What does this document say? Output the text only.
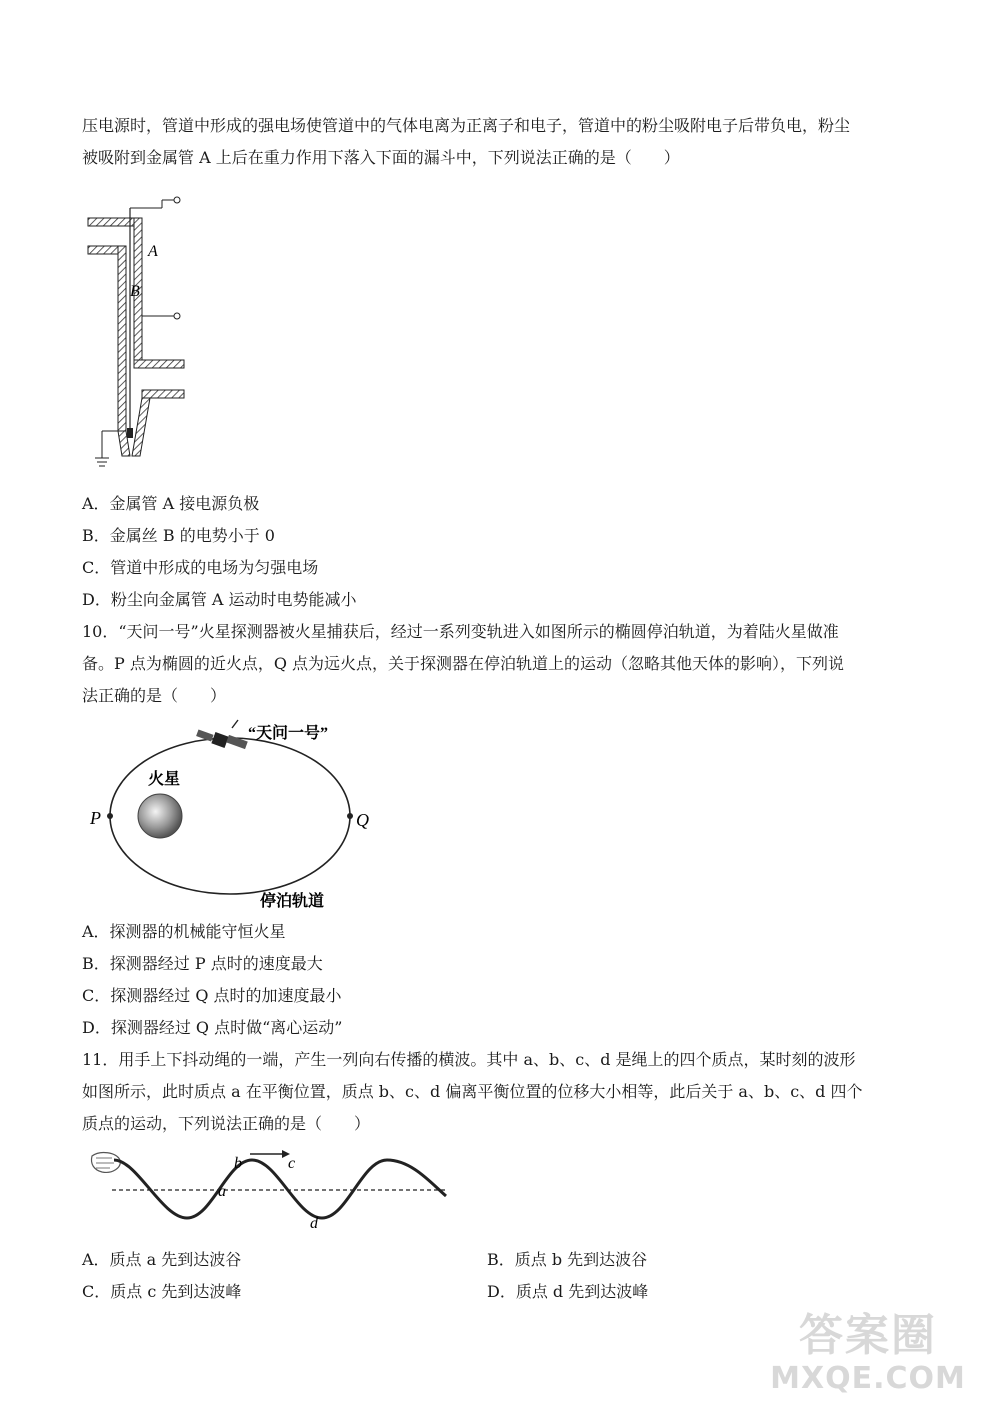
压电源时，管道中形成的强电场使管道中的气体电离为正离子和电子，管道中的粉尘吸附电子后带负电，粉尘
被吸附到金属管 A 上后在重力作用下落入下面的漏斗中，下列说法正确的是（　　）
A
B
A．金属管 A 接电源负极
B．金属丝 B 的电势小于 0
C．管道中形成的电场为匀强电场
D．粉尘向金属管 A 运动时电势能减小
10．“天问一号”火星探测器被火星捕获后，经过一系列变轨进入如图所示的椭圆停泊轨道，为着陆火星做准
备。P 点为椭圆的近火点，Q 点为远火点，关于探测器在停泊轨道上的运动（忽略其他天体的影响），下列说
法正确的是（　　）
火星
“天问一号”
P	Q
停泊轨道
A．探测器的机械能守恒火星
B．探测器经过 P 点时的速度最大
C．探测器经过 Q 点时的加速度最小
D．探测器经过 Q 点时做“离心运动”
11．用手上下抖动绳的一端，产生一列向右传播的横波。其中 a、b、c、d 是绳上的四个质点，某时刻的波形
如图所示，此时质点 a 在平衡位置，质点 b、c、d 偏离平衡位置的位移大小相等，此后关于 a、b、c、d 四个
质点的运动，下列说法正确的是（　　）
a
b	c
d
A．质点 a 先到达波谷	B．质点 b 先到达波谷
C．质点 c 先到达波峰	D．质点 d 先到达波峰
答案圈
MXQE.COM
